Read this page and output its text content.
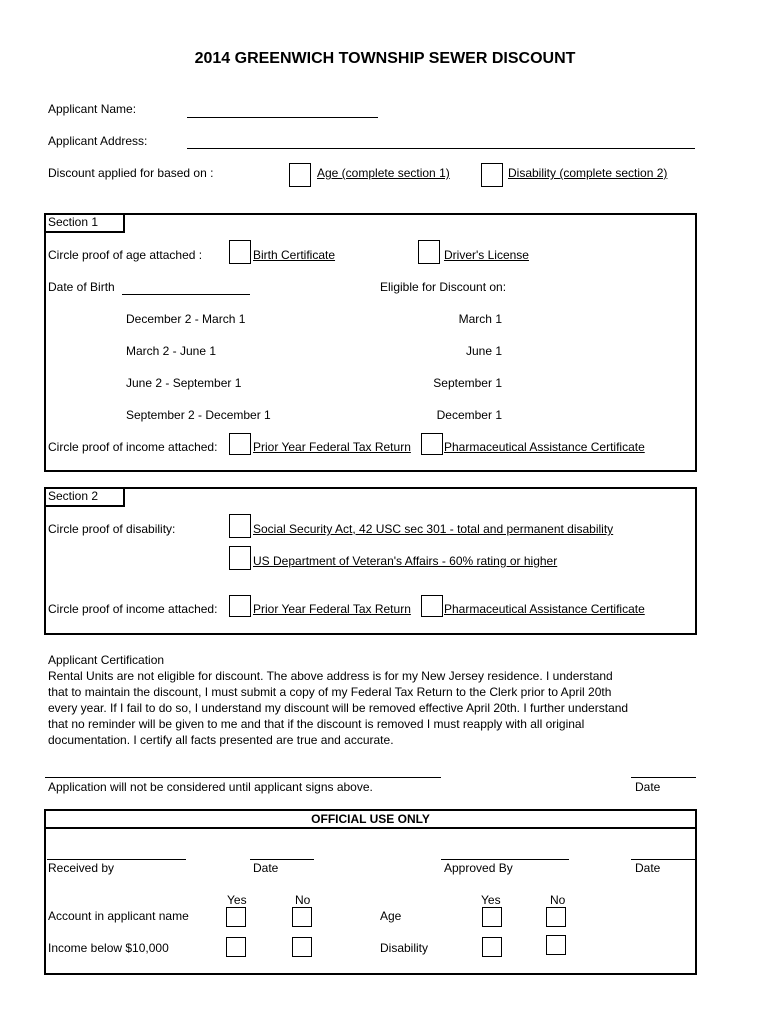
2014 GREENWICH TOWNSHIP SEWER DISCOUNT
Applicant Name:
Applicant Address:
Discount applied for based on :	Age (complete section 1)	Disability (complete section 2)
Section 1
Circle proof of age attached :	Birth Certificate	Driver's License
Date of Birth	Eligible for Discount on:
December 2 - March 1	March 1
March 2 - June 1	June 1
June 2 - September 1	September 1
September 2 - December 1	December 1
Circle proof of income attached:	Prior Year Federal Tax Return	Pharmaceutical Assistance Certificate
Section 2
Circle proof of disability:	Social Security Act, 42 USC sec 301 - total and permanent disability
US Department of Veteran's Affairs - 60% rating or higher
Circle proof of income attached:	Prior Year Federal Tax Return	Pharmaceutical Assistance Certificate
Applicant Certification
Rental Units are not eligible for discount. The above address is for my New Jersey residence. I understand
that to maintain the discount, I must submit a copy of my Federal Tax Return to the Clerk prior to April 20th
every year. If I fail to do so, I understand my discount will be removed effective April 20th. I further understand
that no reminder will be given to me and that if the discount is removed I must reapply with all original
documentation. I certify all facts presented are true and accurate.
Application will not be considered until applicant signs above.	Date
OFFICIAL USE ONLY
Received by	Date	Approved By	Date
Yes	No	Yes	No
Account in applicant name	Age
Income below $10,000	Disability
